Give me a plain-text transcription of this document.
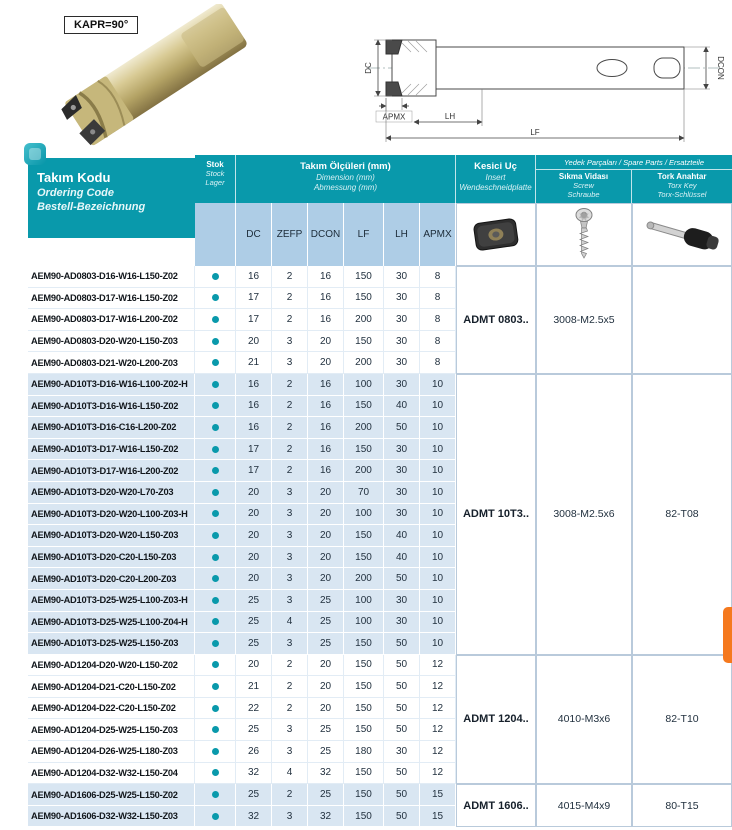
KAPR=90°
DC	DCON
APMX	LH
LF
Takım Kodu
Ordering Code
Bestell-Bezeichnung
Stok
Stock
Lager
Takım Ölçüleri (mm)
Dimension (mm)
Abmessung (mm)
Kesici Uç
Insert
Wendeschneidplatte
Yedek Parçaları / Spare Parts / Ersatzteile
Sıkma Vidası
Screw
Schraube
Tork Anahtar
Torx Key
Torx-Schlüssel
DC	ZEFP DCON	LF	LH	APMX
AEM90-AD0803-D16-W16-L150-Z02	16	2	16	150	30	8
AEM90-AD0803-D17-W16-L150-Z02	17	2	16	150	30	8
AEM90-AD0803-D17-W16-L200-Z02	17	2	16	200	30	8
AEM90-AD0803-D20-W20-L150-Z03	20	3	20	150	30	8
AEM90-AD0803-D21-W20-L200-Z03	21	3	20	200	30	8
ADMT 0803..	3008-M2.5x5
AEM90-AD10T3-D16-W16-L100-Z02-H	16	2	16	100	30	10
AEM90-AD10T3-D16-W16-L150-Z02	16	2	16	150	40	10
AEM90-AD10T3-D16-C16-L200-Z02	16	2	16	200	50	10
AEM90-AD10T3-D17-W16-L150-Z02	17	2	16	150	30	10
AEM90-AD10T3-D17-W16-L200-Z02	17	2	16	200	30	10
AEM90-AD10T3-D20-W20-L70-Z03	20	3	20	70	30	10
AEM90-AD10T3-D20-W20-L100-Z03-H	20	3	20	100	30	10
AEM90-AD10T3-D20-W20-L150-Z03	20	3	20	150	40	10
AEM90-AD10T3-D20-C20-L150-Z03	20	3	20	150	40	10
AEM90-AD10T3-D20-C20-L200-Z03	20	3	20	200	50	10
AEM90-AD10T3-D25-W25-L100-Z03-H	25	3	25	100	30	10
AEM90-AD10T3-D25-W25-L100-Z04-H	25	4	25	100	30	10
AEM90-AD10T3-D25-W25-L150-Z03	25	3	25	150	50	10
ADMT 10T3..	3008-M2.5x6	82-T08
AEM90-AD1204-D20-W20-L150-Z02	20	2	20	150	50	12
AEM90-AD1204-D21-C20-L150-Z02	21	2	20	150	50	12
AEM90-AD1204-D22-C20-L150-Z02	22	2	20	150	50	12
AEM90-AD1204-D25-W25-L150-Z03	25	3	25	150	50	12
AEM90-AD1204-D26-W25-L180-Z03	26	3	25	180	30	12
AEM90-AD1204-D32-W32-L150-Z04	32	4	32	150	50	12
ADMT 1204..	4010-M3x6	82-T10
AEM90-AD1606-D25-W25-L150-Z02	25	2	25	150	50	15
AEM90-AD1606-D32-W32-L150-Z03	32	3	32	150	50	15
ADMT 1606..	4015-M4x9	80-T15
